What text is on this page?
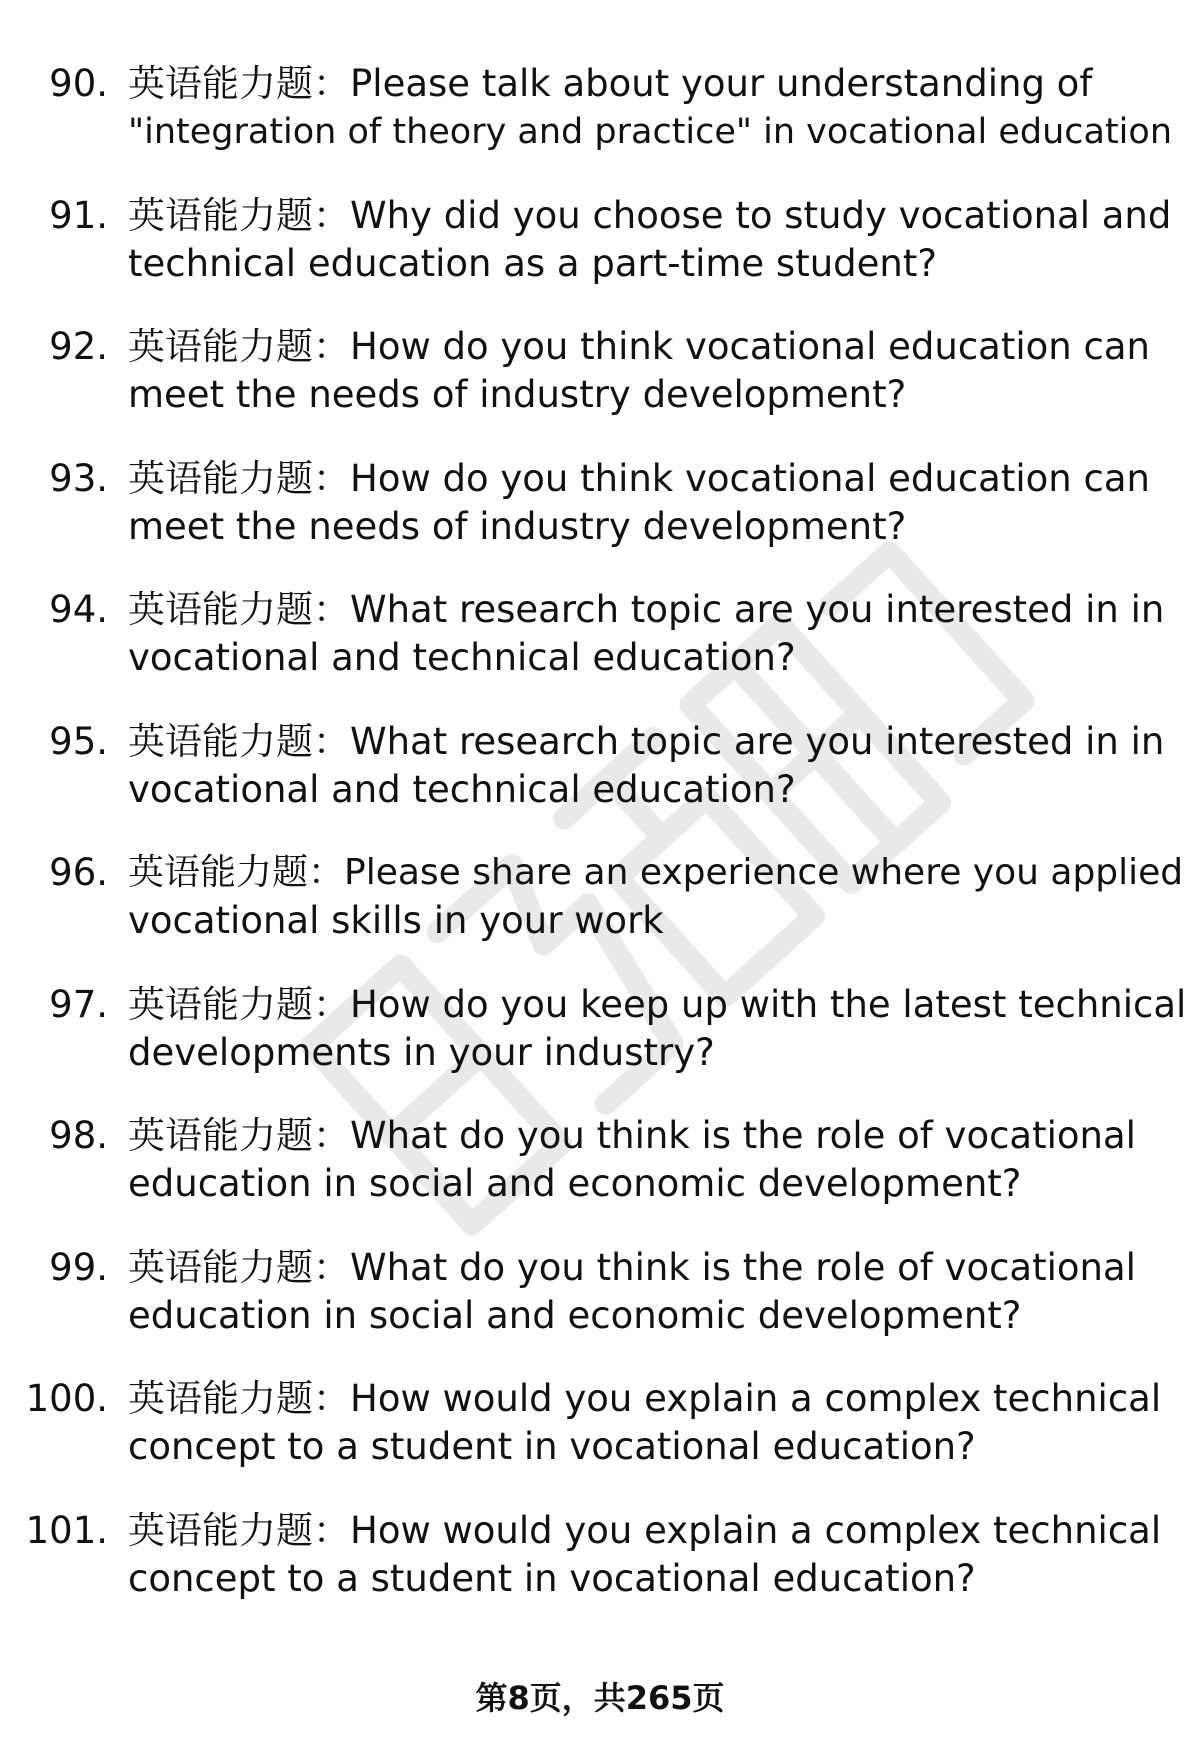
90. 英语能力题：Please talk about your understanding of
"integration of theory and practice" in vocational education
91. 英语能力题：Why did you choose to study vocational and
technical education as a part-time student?
92. 英语能力题：How do you think vocational education can
meet the needs of industry development?
93. 英语能力题：How do you think vocational education can
meet the needs of industry development?
94. 英语能力题：What research topic are you interested in in
vocational and technical education?
95. 英语能力题：What research topic are you interested in in
vocational and technical education?
96. 英语能力题：Please share an experience where you applied
vocational skills in your work
97. 英语能力题：How do you keep up with the latest technical
developments in your industry?
98. 英语能力题：What do you think is the role of vocational
education in social and economic development?
99. 英语能力题：What do you think is the role of vocational
education in social and economic development?
100. 英语能力题：How would you explain a complex technical
concept to a student in vocational education?
101. 英语能力题：How would you explain a complex technical
concept to a student in vocational education?
第8页，共265页
